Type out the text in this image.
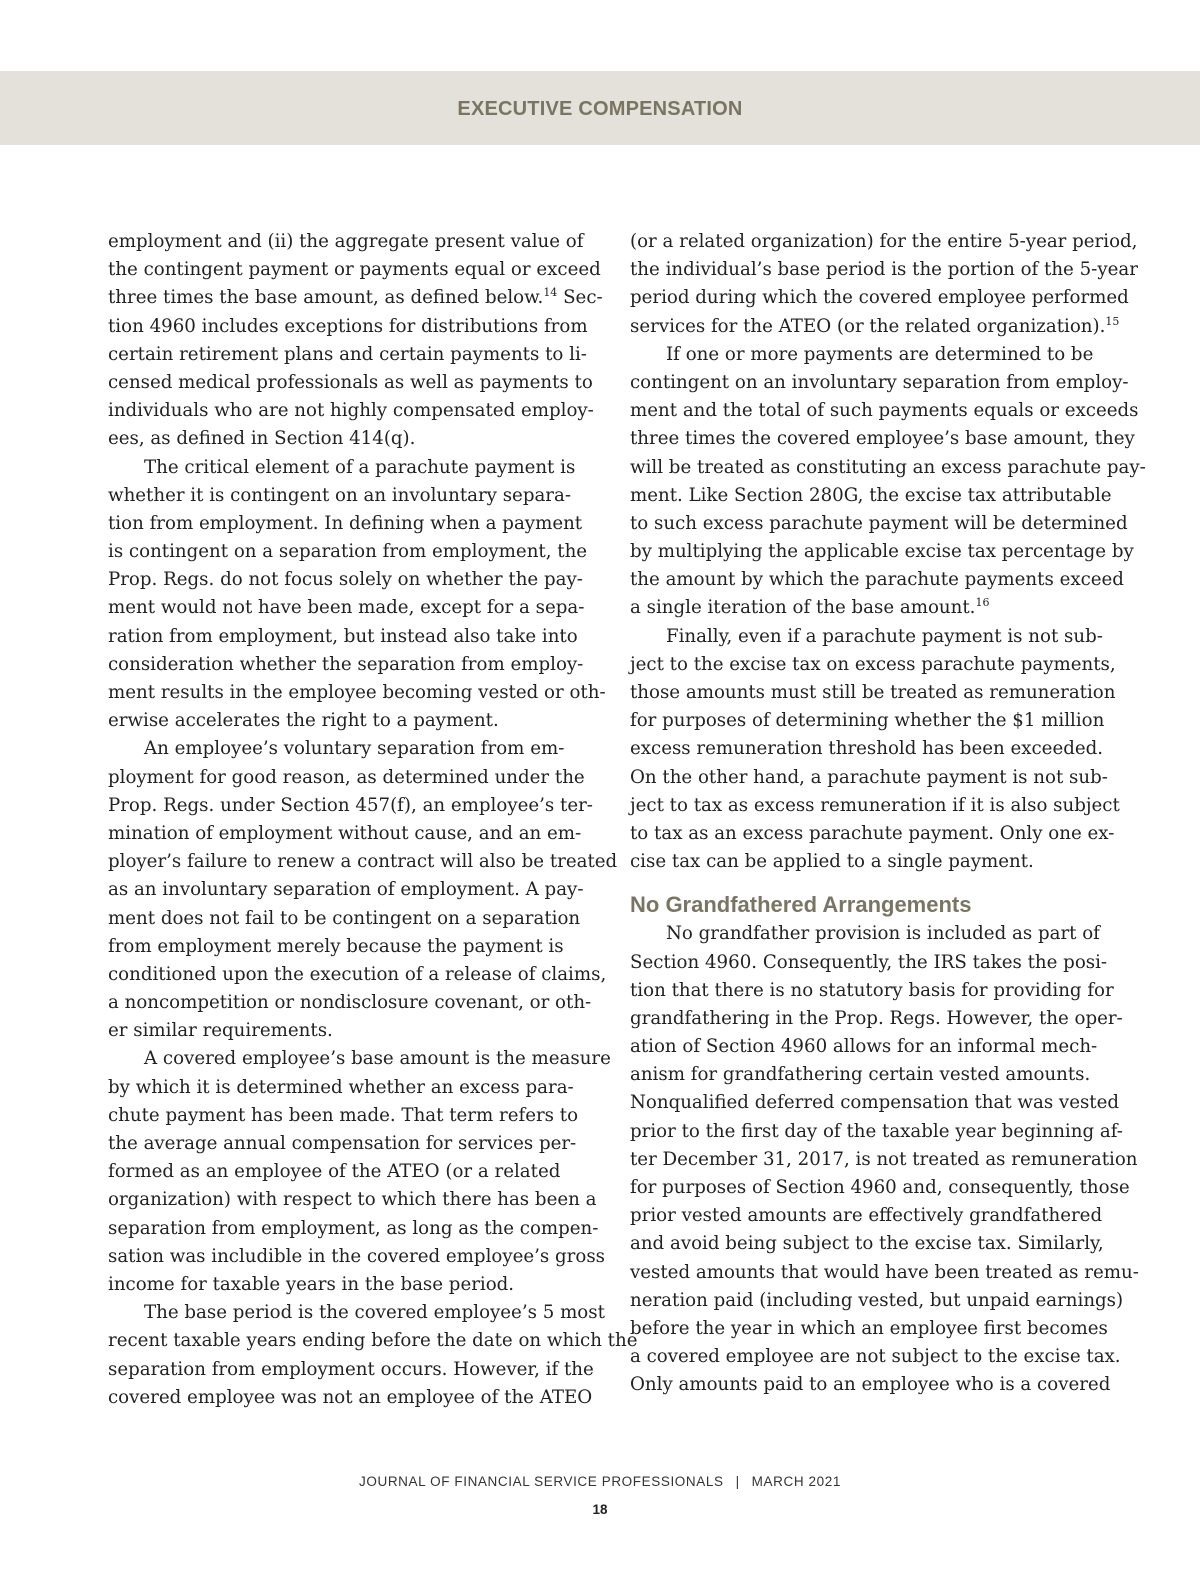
EXECUTIVE COMPENSATION
employment and (ii) the aggregate present value of
the contingent payment or payments equal or exceed
three times the base amount, as defined below.$^{14}$ Sec-
tion 4960 includes exceptions for distributions from
certain retirement plans and certain payments to li-
censed medical professionals as well as payments to
individuals who are not highly compensated employ-
ees, as defined in Section 414(q).
The critical element of a parachute payment is
whether it is contingent on an involuntary separa-
tion from employment. In defining when a payment
is contingent on a separation from employment, the
Prop. Regs. do not focus solely on whether the pay-
ment would not have been made, except for a sepa-
ration from employment, but instead also take into
consideration whether the separation from employ-
ment results in the employee becoming vested or oth-
erwise accelerates the right to a payment.
An employee’s voluntary separation from em-
ployment for good reason, as determined under the
Prop. Regs. under Section 457(f), an employee’s ter-
mination of employment without cause, and an em-
ployer’s failure to renew a contract will also be treated
as an involuntary separation of employment. A pay-
ment does not fail to be contingent on a separation
from employment merely because the payment is
conditioned upon the execution of a release of claims,
a noncompetition or nondisclosure covenant, or oth-
er similar requirements.
A covered employee’s base amount is the measure
by which it is determined whether an excess para-
chute payment has been made. That term refers to
the average annual compensation for services per-
formed as an employee of the ATEO (or a related
organization) with respect to which there has been a
separation from employment, as long as the compen-
sation was includible in the covered employee’s gross
income for taxable years in the base period.
The base period is the covered employee’s 5 most
recent taxable years ending before the date on which the
separation from employment occurs. However, if the
covered employee was not an employee of the ATEO
(or a related organization) for the entire 5-year period,
the individual’s base period is the portion of the 5-year
period during which the covered employee performed
services for the ATEO (or the related organization).$^{15}$
If one or more payments are determined to be
contingent on an involuntary separation from employ-
ment and the total of such payments equals or exceeds
three times the covered employee’s base amount, they
will be treated as constituting an excess parachute pay-
ment. Like Section 280G, the excise tax attributable
to such excess parachute payment will be determined
by multiplying the applicable excise tax percentage by
the amount by which the parachute payments exceed
a single iteration of the base amount.$^{16}$
Finally, even if a parachute payment is not sub-
ject to the excise tax on excess parachute payments,
those amounts must still be treated as remuneration
for purposes of determining whether the $1 million
excess remuneration threshold has been exceeded.
On the other hand, a parachute payment is not sub-
ject to tax as excess remuneration if it is also subject
to tax as an excess parachute payment. Only one ex-
cise tax can be applied to a single payment.
No Grandfathered Arrangements
No grandfather provision is included as part of
Section 4960. Consequently, the IRS takes the posi-
tion that there is no statutory basis for providing for
grandfathering in the Prop. Regs. However, the oper-
ation of Section 4960 allows for an informal mech-
anism for grandfathering certain vested amounts.
Nonqualified deferred compensation that was vested
prior to the first day of the taxable year beginning af-
ter December 31, 2017, is not treated as remuneration
for purposes of Section 4960 and, consequently, those
prior vested amounts are effectively grandfathered
and avoid being subject to the excise tax. Similarly,
vested amounts that would have been treated as remu-
neration paid (including vested, but unpaid earnings)
before the year in which an employee first becomes
a covered employee are not subject to the excise tax.
Only amounts paid to an employee who is a covered
JOURNAL OF FINANCIAL SERVICE PROFESSIONALS | MARCH 2021
18
